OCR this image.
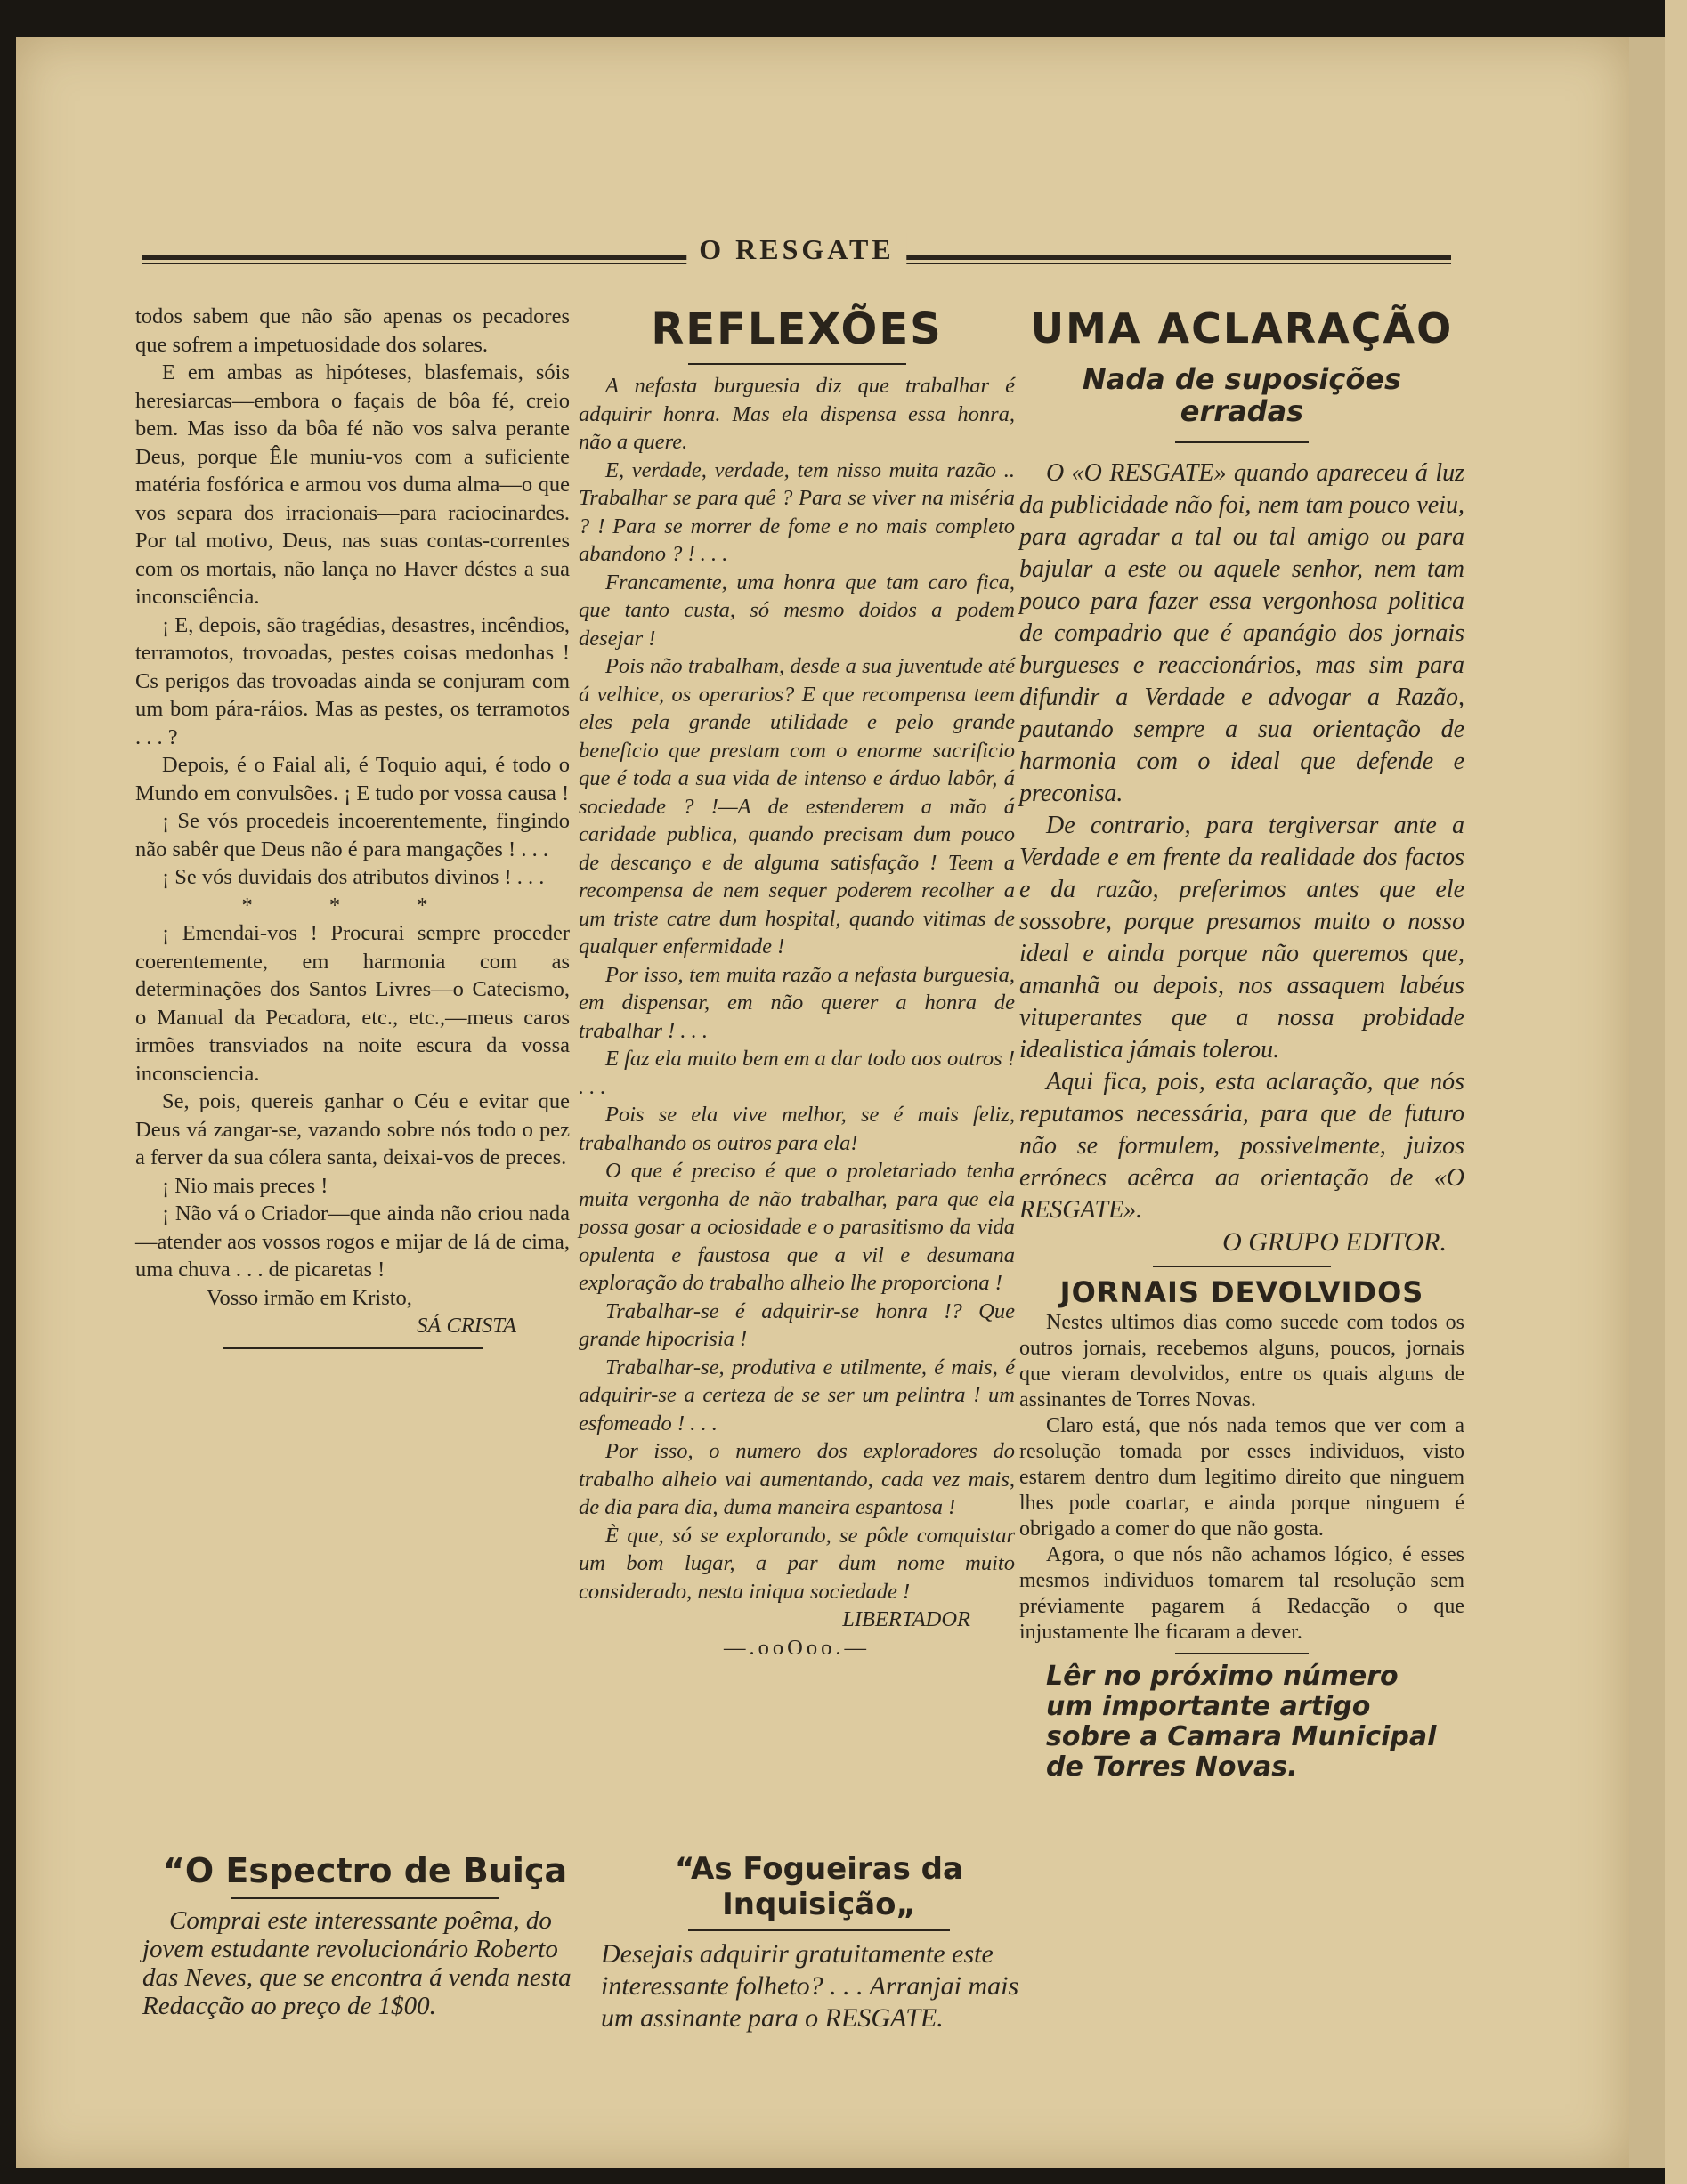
O RESGATE

todos sabem que não são apenas os pecadores que sofrem a impetuosidade dos solares.

E em ambas as hipóteses, blasfemais, sóis heresiarcas—embora o façais de bôa fé, creio bem. Mas isso da bôa fé não vos salva perante Deus, porque Êle muniu-vos com a suficiente matéria fosfórica e armou vos duma alma—o que vos separa dos irracionais—para raciocinardes. Por tal motivo, Deus, nas suas contas-correntes com os mortais, não lança no Haver déstes a sua inconsciência.

¡ E, depois, são tragédias, desastres, incêndios, terramotos, trovoadas, pestes coisas medonhas ! Cs perigos das trovoadas ainda se conjuram com um bom pára-ráios. Mas as pestes, os terramotos . . . ?

Depois, é o Faial ali, é Toquio aqui, é todo o Mundo em convulsões. ¡ E tudo por vossa causa !

¡ Se vós procedeis incoerentemente, fingindo não sabêr que Deus não é para mangações ! . . .

¡ Se vós duvidais dos atributos divinos ! . . .

* * *

¡ Emendai-vos ! Procurai sempre proceder coerentemente, em harmonia com as determinações dos Santos Livres—o Catecismo, o Manual da Pecadora, etc., etc.,—meus caros irmões transviados na noite escura da vossa inconsciencia.

Se, pois, quereis ganhar o Céu e evitar que Deus vá zangar-se, vazando sobre nós todo o pez a ferver da sua cólera santa, deixai-vos de preces.

¡ Nio mais preces !

¡ Não vá o Criador—que ainda não criou nada—atender aos vossos rogos e mijar de lá de cima, uma chuva . . . de picaretas !

Vosso irmão em Kristo,

SÁ CRISTA
REFLEXÕES

A nefasta burguesia diz que trabalhar é adquirir honra. Mas ela dispensa essa honra, não a quere.

E, verdade, verdade, tem nisso muita razão .. Trabalhar se para quê ? Para se viver na miséria ? ! Para se morrer de fome e no mais completo abandono ? ! . . .

Francamente, uma honra que tam caro fica, que tanto custa, só mesmo doidos a podem desejar !

Pois não trabalham, desde a sua juventude até á velhice, os operarios? E que recompensa teem eles pela grande utilidade e pelo grande beneficio que prestam com o enorme sacrificio que é toda a sua vida de intenso e árduo labôr, á sociedade ? !—A de estenderem a mão á caridade publica, quando precisam dum pouco de descanço e de alguma satisfação ! Teem a recompensa de nem sequer poderem recolher a um triste catre dum hospital, quando vitimas de qualquer enfermidade !

Por isso, tem muita razão a nefasta burguesia, em dispensar, em não querer a honra de trabalhar ! . . .

E faz ela muito bem em a dar todo aos outros ! . . .

Pois se ela vive melhor, se é mais feliz, trabalhando os outros para ela!

O que é preciso é que o proletariado tenha muita vergonha de não trabalhar, para que ela possa gosar a ociosidade e o parasitismo da vida opulenta e faustosa que a vil e desumana exploração do trabalho alheio lhe proporciona !

Trabalhar-se é adquirir-se honra !? Que grande hipocrisia !

Trabalhar-se, produtiva e utilmente, é mais, é adquirir-se a certeza de se ser um pelintra ! um esfomeado ! . . .

Por isso, o numero dos exploradores do trabalho alheio vai aumentando, cada vez mais, de dia para dia, duma maneira espantosa !

È que, só se explorando, se pôde comquistar um bom lugar, a par dum nome muito considerado, nesta iniqua sociedade !

LIBERTADOR
—.ooOoo.—
UMA ACLARAÇÃO
Nada de suposições erradas

O «O RESGATE» quando apareceu á luz da publicidade não foi, nem tam pouco veiu, para agradar a tal ou tal amigo ou para bajular a este ou aquele senhor, nem tam pouco para fazer essa vergonhosa politica de compadrio que é apanágio dos jornais burgueses e reaccionários, mas sim para difundir a Verdade e advogar a Razão, pautando sempre a sua orientação de harmonia com o ideal que defende e preconisa.

De contrario, para tergiversar ante a Verdade e em frente da realidade dos factos e da razão, preferimos antes que ele sossobre, porque presamos muito o nosso ideal e ainda porque não queremos que, amanhã ou depois, nos assaquem labéus vituperantes que a nossa probidade idealistica jámais tolerou.

Aqui fica, pois, esta aclaração, que nós reputamos necessária, para que de futuro não se formulem, possivelmente, juizos errónecs acêrca aa orientação de «O RESGATE».

O GRUPO EDITOR.
JORNAIS DEVOLVIDOS

Nestes ultimos dias como sucede com todos os outros jornais, recebemos alguns, poucos, jornais que vieram devolvidos, entre os quais alguns de assinantes de Torres Novas.

Claro está, que nós nada temos que ver com a resolução tomada por esses individuos, visto estarem dentro dum legitimo direito que ninguem lhes pode coartar, e ainda porque ninguem é obrigado a comer do que não gosta.

Agora, o que nós não achamos lógico, é esses mesmos individuos tomarem tal resolução sem préviamente pagarem á Redacção o que injustamente lhe ficaram a dever.

Lêr no próximo número um importante artigo sobre a Camara Municipal de Torres Novas.
“O Espectro de Buiça
Comprai este interessante poêma, do jovem estudante revolucionário Roberto das Neves, que se encontra á venda nesta Redacção ao preço de 1$00.
“As Fogueiras da Inquisição„
Desejais adquirir gratuitamente este interessante folheto? . . . Arranjai mais um assinante para o RESGATE.
